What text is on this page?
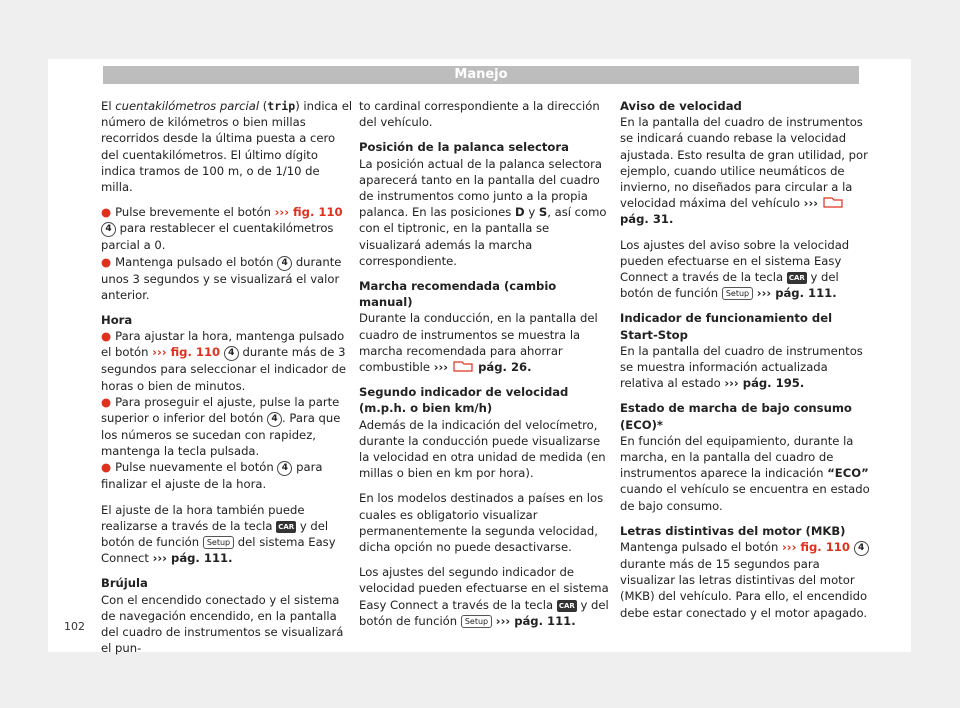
Manejo

El cuentakilómetros parcial (trip) indica el número de kilómetros o bien millas recorridos desde la última puesta a cero del cuentakilómetros. El último dígito indica tramos de 100 m, o de 1/10 de milla.

● Pulse brevemente el botón ››› fig. 110 4 para restablecer el cuentakilómetros parcial a 0.

● Mantenga pulsado el botón 4 durante unos 3 segundos y se visualizará el valor anterior.

Hora

● Para ajustar la hora, mantenga pulsado el botón ››› fig. 110 4 durante más de 3 segundos para seleccionar el indicador de horas o bien de minutos.

● Para proseguir el ajuste, pulse la parte superior o inferior del botón 4 . Para que los números se sucedan con rapidez, mantenga la tecla pulsada.

● Pulse nuevamente el botón 4 para finalizar el ajuste de la hora.

El ajuste de la hora también puede realizarse a través de la tecla CAR y del botón de función Setup del sistema Easy Connect ››› pág. 111.

Brújula

Con el encendido conectado y el sistema de navegación encendido, en la pantalla del cuadro de instrumentos se visualizará el pun-

to cardinal correspondiente a la dirección del vehículo.

Posición de la palanca selectora

La posición actual de la palanca selectora aparecerá tanto en la pantalla del cuadro de instrumentos como junto a la propia palanca. En las posiciones D y S, así como con el tiptronic, en la pantalla se visualizará además la marcha correspondiente.

Marcha recomendada (cambio manual)

Durante la conducción, en la pantalla del cuadro de instrumentos se muestra la marcha recomendada para ahorrar combustible ›››	pág. 26.

Segundo indicador de velocidad (m.p.h. o bien km/h)

Además de la indicación del velocímetro, durante la conducción puede visualizarse la velocidad en otra unidad de medida (en millas o bien en km por hora).

En los modelos destinados a países en los cuales es obligatorio visualizar permanentemente la segunda velocidad, dicha opción no puede desactivarse.

Los ajustes del segundo indicador de velocidad pueden efectuarse en el sistema Easy Connect a través de la tecla CAR y del botón de función Setup ››› pág. 111.

Aviso de velocidad

En la pantalla del cuadro de instrumentos se indicará cuando rebase la velocidad ajustada. Esto resulta de gran utilidad, por ejemplo, cuando utilice neumáticos de invierno, no diseñados para circular a la velocidad máxima del vehículo ›››  pág. 31.

Los ajustes del aviso sobre la velocidad pueden efectuarse en el sistema Easy Connect a través de la tecla CAR y del botón de función Setup ››› pág. 111.

Indicador de funcionamiento del Start-Stop

En la pantalla del cuadro de instrumentos se muestra información actualizada relativa al estado ››› pág. 195.

Estado de marcha de bajo consumo (ECO)*

En función del equipamiento, durante la marcha, en la pantalla del cuadro de instrumentos aparece la indicación “ECO” cuando el vehículo se encuentra en estado de bajo consumo.

Letras distintivas del motor (MKB)

Mantenga pulsado el botón ››› fig. 110 4 durante más de 15 segundos para visualizar las letras distintivas del motor (MKB) del vehículo. Para ello, el encendido debe estar conectado y el motor apagado.

102
